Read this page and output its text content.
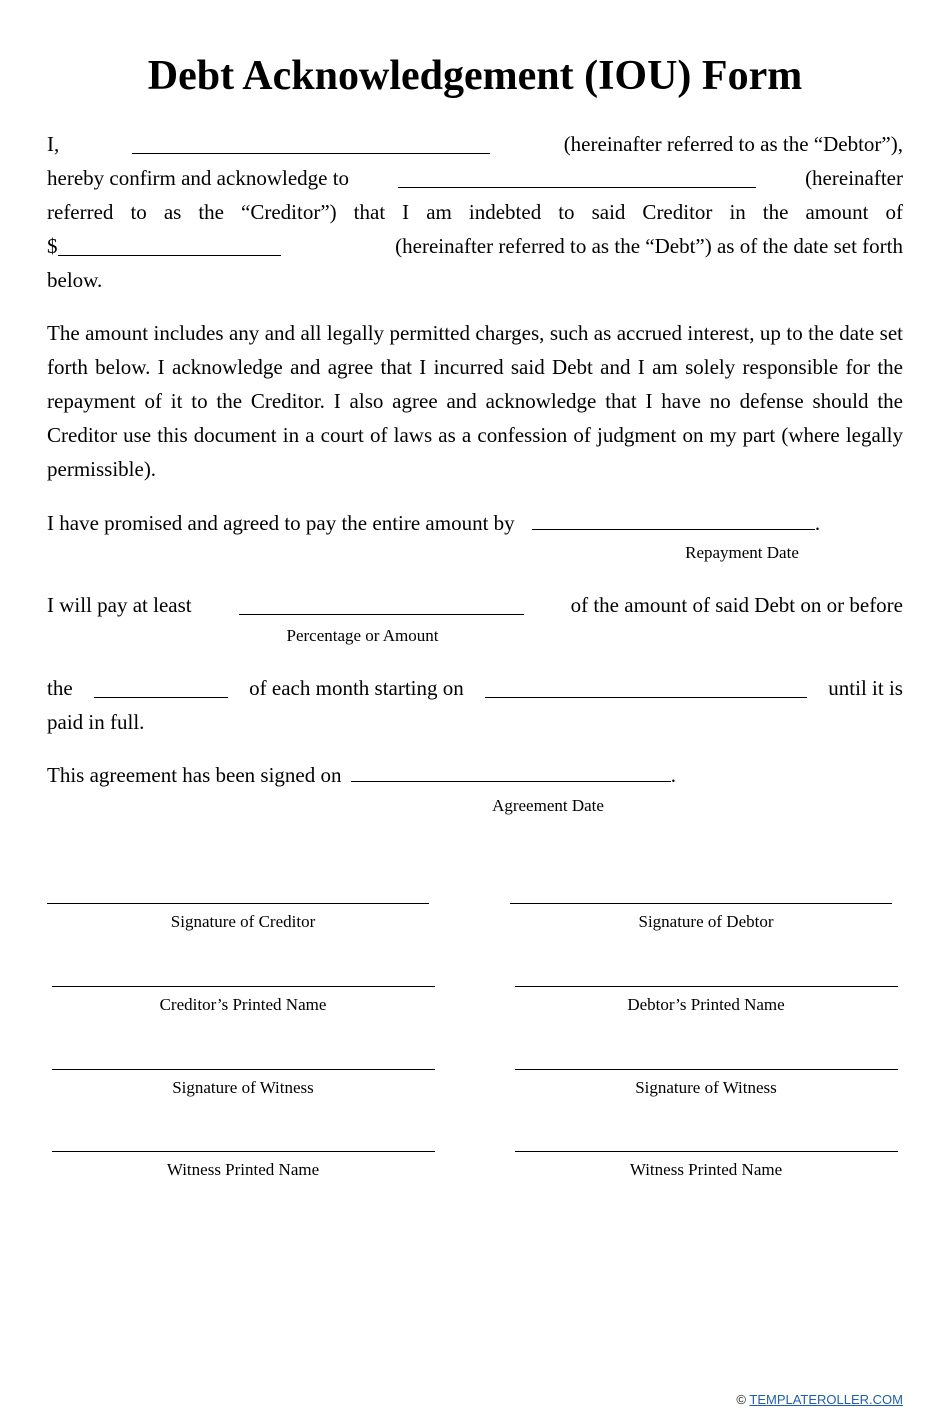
Debt Acknowledgement (IOU) Form
I,	(hereinafter referred to as the “Debtor”),
hereby confirm and acknowledge to	(hereinafter
referred to as the “Creditor”) that I am indebted to said Creditor in the amount of
$	(hereinafter referred to as the “Debt”) as of the date set forth
below.

The amount includes any and all legally permitted charges, such as accrued interest, up to the date set forth below. I acknowledge and agree that I incurred said Debt and I am solely responsible for the repayment of it to the Creditor. I also agree and acknowledge that I have no defense should the Creditor use this document in a court of laws as a confession of judgment on my part (where legally permissible).

I have promised and agreed to pay the entire amount by	.
Repayment Date
I will pay at least	of the amount of said Debt on or before
Percentage or Amount
the	of each month starting on	until it is
paid in full.
This agreement has been signed on	.
Agreement Date
Signature of Creditor	Signature of Debtor
Creditor’s Printed Name	Debtor’s Printed Name
Signature of Witness	Signature of Witness
Witness Printed Name	Witness Printed Name
© TEMPLATEROLLER.COM
